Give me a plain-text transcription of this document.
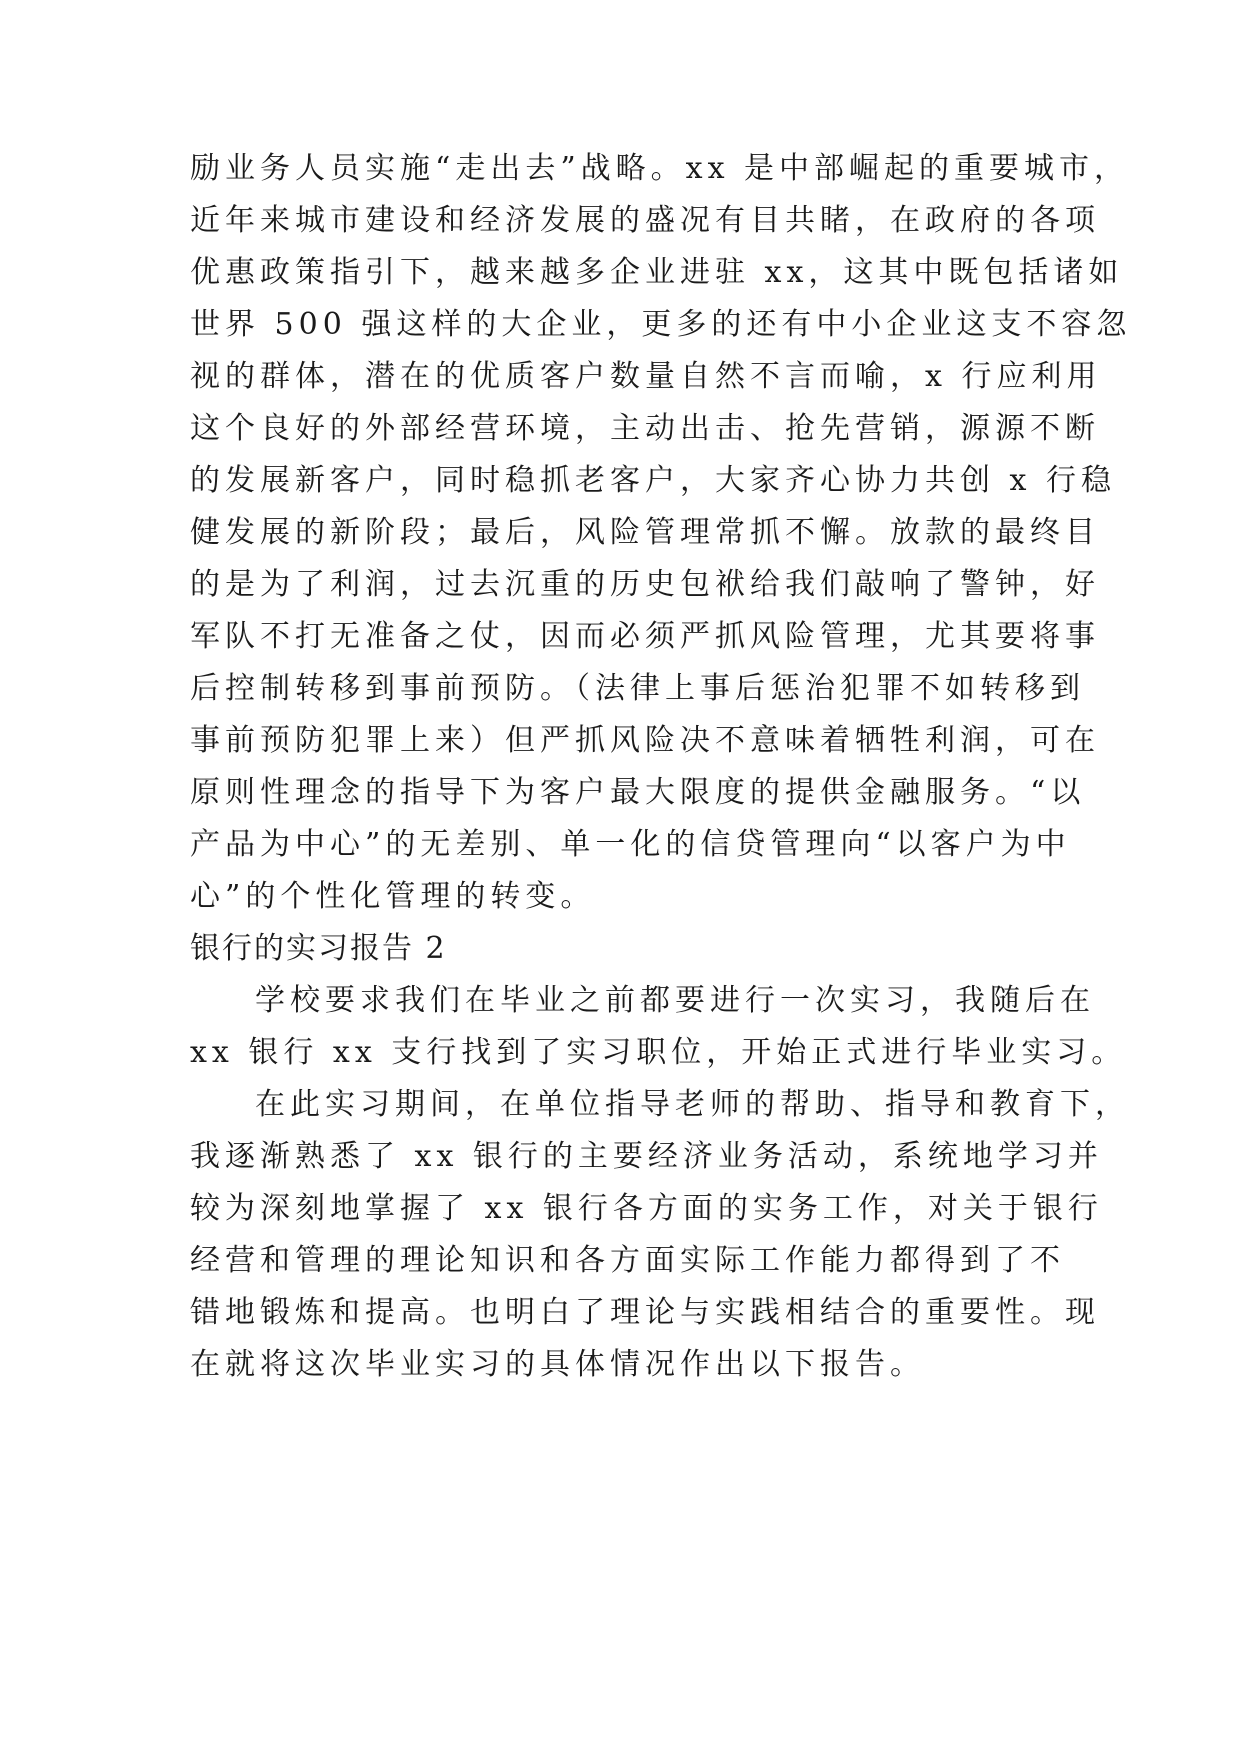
励业务人员实施“走出去”战略。xx 是中部崛起的重要城市，
近年来城市建设和经济发展的盛况有目共睹，在政府的各项
优惠政策指引下，越来越多企业进驻 xx，这其中既包括诸如
世界 500 强这样的大企业，更多的还有中小企业这支不容忽
视的群体，潜在的优质客户数量自然不言而喻，x 行应利用
这个良好的外部经营环境，主动出击、抢先营销，源源不断
的发展新客户，同时稳抓老客户，大家齐心协力共创 x 行稳
健发展的新阶段；最后，风险管理常抓不懈。放款的最终目
的是为了利润，过去沉重的历史包袱给我们敲响了警钟，好
军队不打无准备之仗，因而必须严抓风险管理，尤其要将事
后控制转移到事前预防。（法律上事后惩治犯罪不如转移到
事前预防犯罪上来）但严抓风险决不意味着牺牲利润，可在
原则性理念的指导下为客户最大限度的提供金融服务。“以
产品为中心”的无差别、单一化的信贷管理向“以客户为中
心”的个性化管理的转变。
银行的实习报告 2
学校要求我们在毕业之前都要进行一次实习，我随后在
xx 银行 xx 支行找到了实习职位，开始正式进行毕业实习。
在此实习期间，在单位指导老师的帮助、指导和教育下，
我逐渐熟悉了 xx 银行的主要经济业务活动，系统地学习并
较为深刻地掌握了 xx 银行各方面的实务工作，对关于银行
经营和管理的理论知识和各方面实际工作能力都得到了不
错地锻炼和提高。也明白了理论与实践相结合的重要性。现
在就将这次毕业实习的具体情况作出以下报告。
